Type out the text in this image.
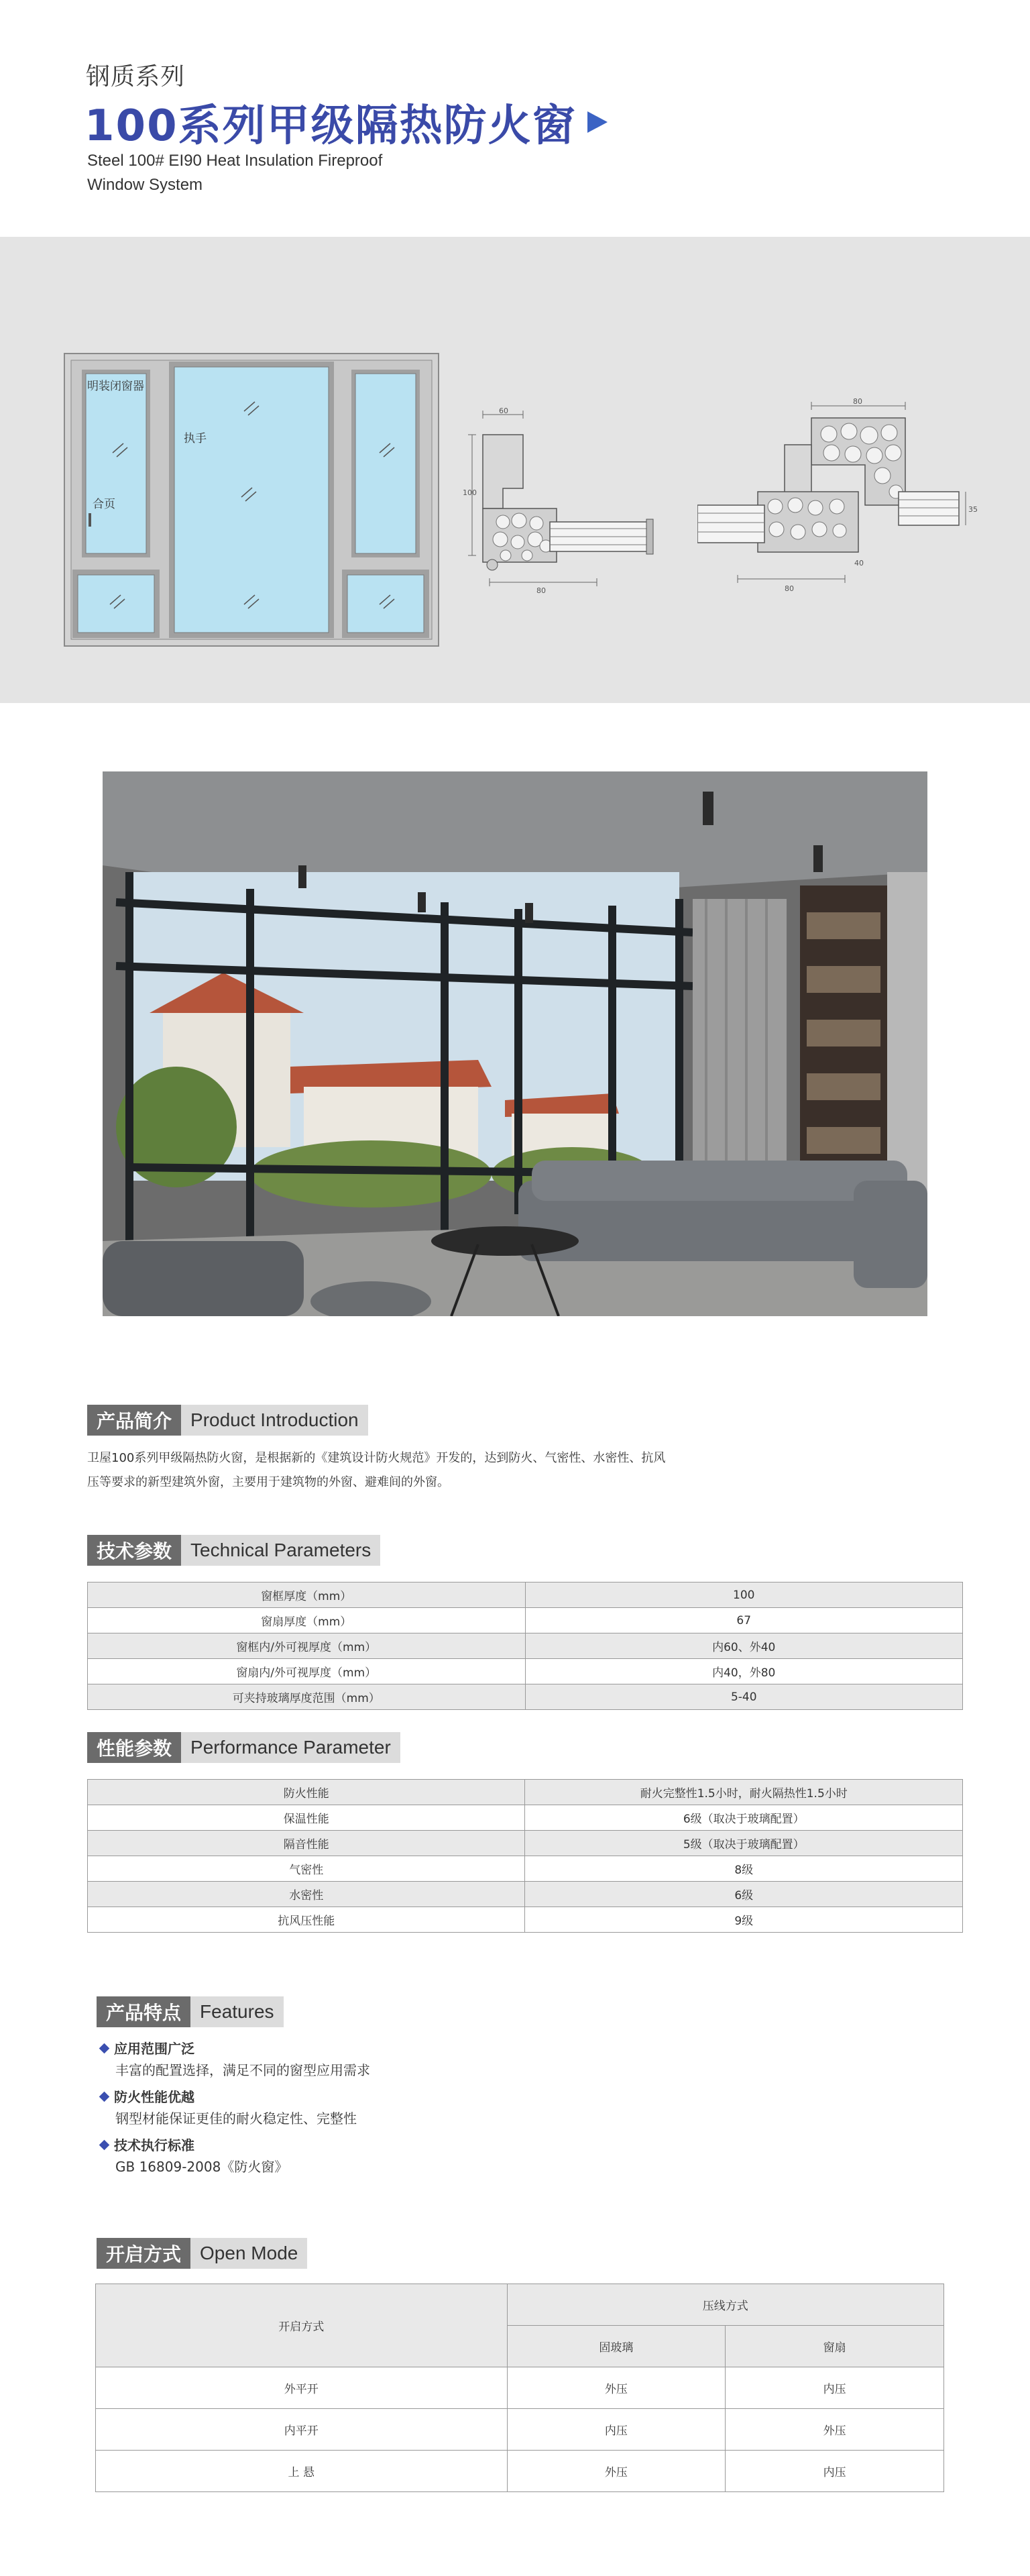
钢质系列
100系列甲级隔热防火窗
Steel 100# EI90 Heat Insulation Fireproof
Window System
明装闭窗器
执手
合页
60
100
80
80
80
35
40
产品简介	Product Introduction
卫屋100系列甲级隔热防火窗，是根据新的《建筑设计防火规范》开发的，达到防火、气密性、水密性、抗风
压等要求的新型建筑外窗，主要用于建筑物的外窗、避难间的外窗。
技术参数	Technical Parameters
窗框厚度（mm）	100
窗扇厚度（mm）	67
窗框内/外可视厚度（mm）	内60、外40
窗扇内/外可视厚度（mm）	内40，外80
可夹持玻璃厚度范围（mm）	5-40
性能参数	Performance Parameter
防火性能	耐火完整性1.5小时，耐火隔热性1.5小时
保温性能	6级（取决于玻璃配置）
隔音性能	5级（取决于玻璃配置）
气密性	8级
水密性	6级
抗风压性能	9级
产品特点	Features
应用范围广泛
丰富的配置选择，满足不同的窗型应用需求
防火性能优越
钢型材能保证更佳的耐火稳定性、完整性
技术执行标准
GB 16809-2008《防火窗》
开启方式	Open Mode
开启方式	压线方式	
	固玻璃	窗扇
外平开	外压	内压
内平开	内压	外压
上 悬	外压	内压
